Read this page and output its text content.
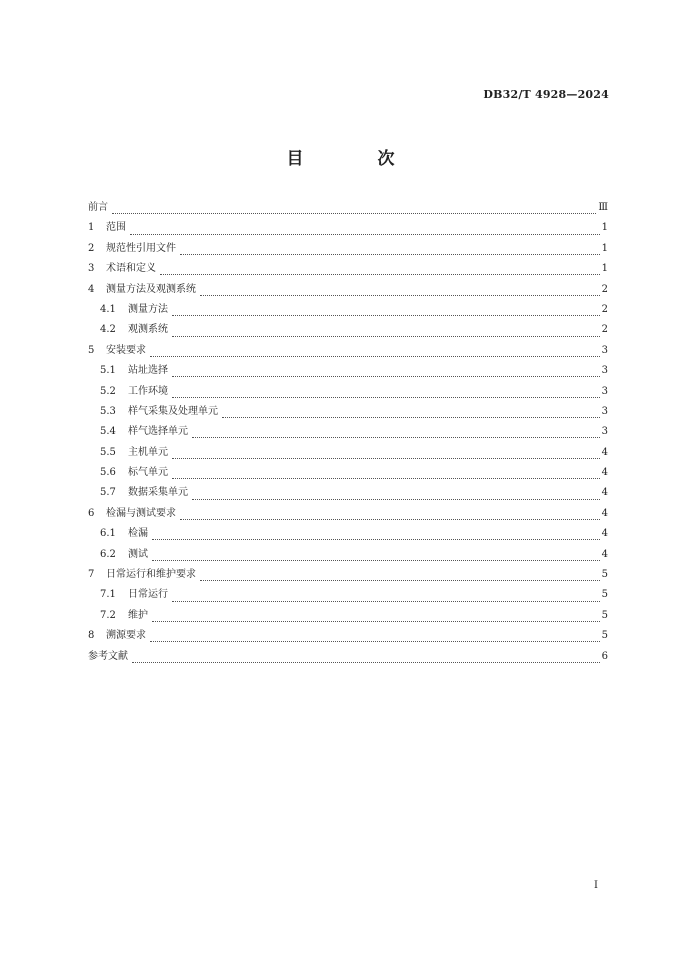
DB32/T 4928—2024
目 次
前言	Ⅲ
1	范围	1
2	规范性引用文件	1
3	术语和定义	1
4	测量方法及观测系统	2
4.1	测量方法	2
4.2	观测系统	2
5	安装要求	3
5.1	站址选择	3
5.2	工作环境	3
5.3	样气采集及处理单元	3
5.4	样气选择单元	3
5.5	主机单元	4
5.6	标气单元	4
5.7	数据采集单元	4
6	检漏与测试要求	4
6.1	检漏	4
6.2	测试	4
7	日常运行和维护要求	5
7.1	日常运行	5
7.2	维护	5
8	溯源要求	5
参考文献	6
Ⅰ
